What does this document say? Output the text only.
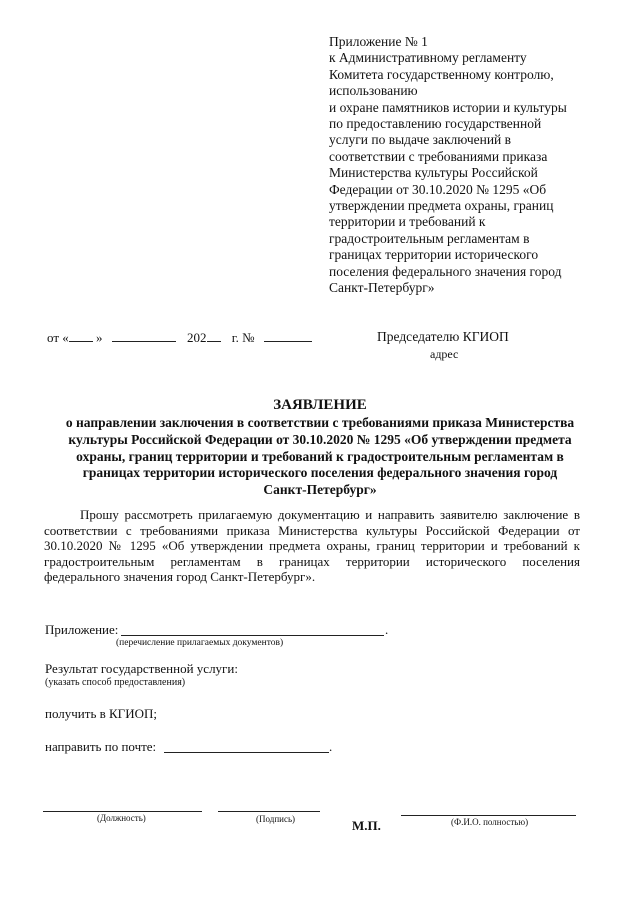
Приложение № 1
к Административному регламенту
Комитета государственному контролю,
использованию
и охране памятников истории и культуры
по предоставлению государственной
услуги по выдаче заключений в
соответствии с требованиями приказа
Министерства культуры Российской
Федерации от 30.10.2020 № 1295 «Об
утверждении предмета охраны, границ
территории и требований к
градостроительным регламентам в
границах территории исторического
поселения федерального значения город
Санкт-Петербург»
от « »	202 г. №	Председателю КГИОП
адрес
ЗАЯВЛЕНИЕ
о направлении заключения в соответствии с требованиями приказа Министерства
культуры Российской Федерации от 30.10.2020 № 1295 «Об утверждении предмета
охраны, границ территории и требований к градостроительным регламентам в
границах территории исторического поселения федерального значения город
Санкт-Петербург»
Прошу рассмотреть прилагаемую документацию и направить заявителю заключение в
соответствии с требованиями приказа Министерства культуры Российской Федерации от
30.10.2020 № 1295 «Об утверждении предмета охраны, границ территории и требований к
градостроительным регламентам в границах территории исторического поселения
федерального значения город Санкт-Петербург».
Приложение:	.
(перечисление прилагаемых документов)
Результат государственной услуги:
(указать способ предоставления)
получить в КГИОП;
направить по почте:	.
(Должность)	(Подпись)	М.П.	(Ф.И.О. полностью)
